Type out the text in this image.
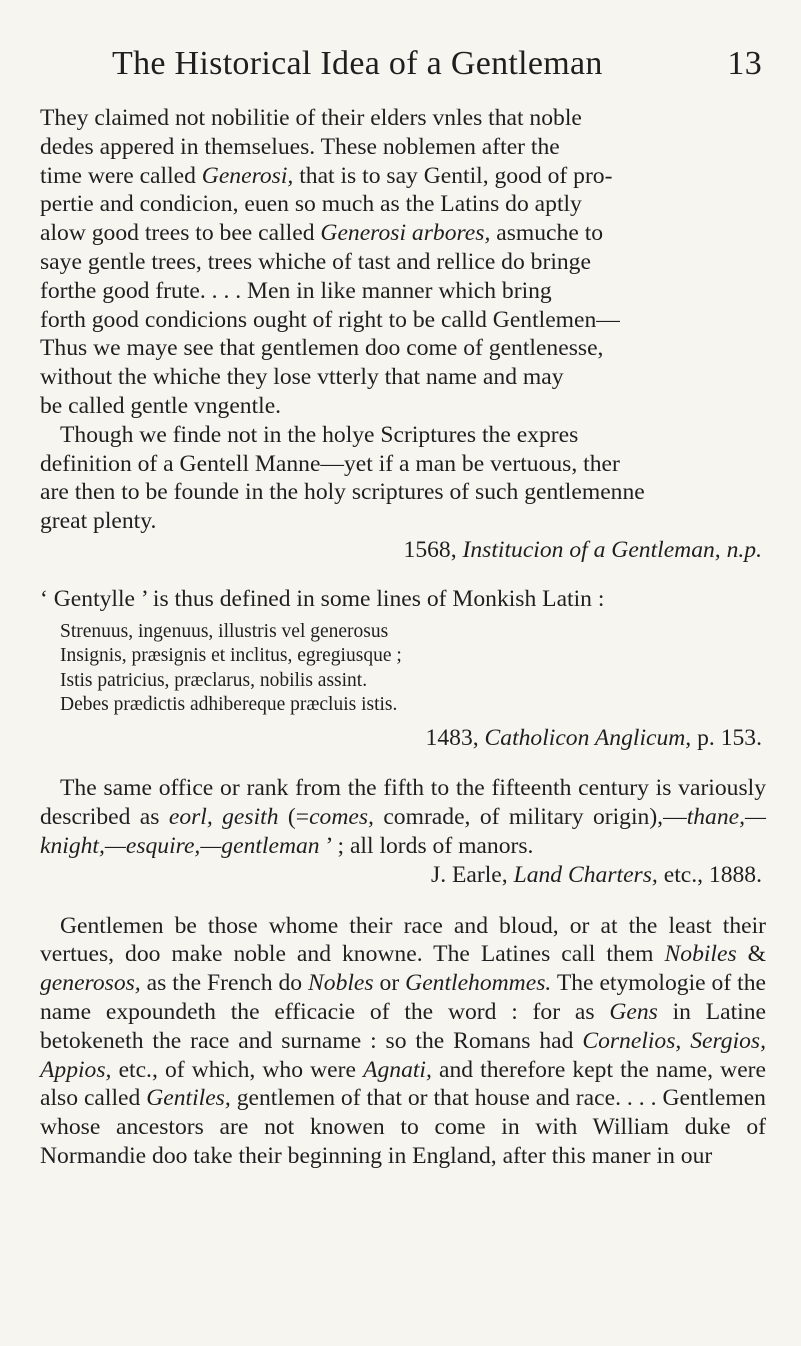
The Historical Idea of a Gentleman	13
They claimed not nobilitie of their elders vnles that noble
dedes appered in themselues. These noblemen after the
time were called Generosi, that is to say Gentil, good of pro-
pertie and condicion, euen so much as the Latins do aptly
alow good trees to bee called Generosi arbores, asmuche to
saye gentle trees, trees whiche of tast and rellice do bringe
forthe good frute. . . . Men in like manner which bring
forth good condicions ought of right to be calld Gentlemen—
Thus we maye see that gentlemen doo come of gentlenesse,
without the whiche they lose vtterly that name and may
be called gentle vngentle.
Though we finde not in the holye Scriptures the expres
definition of a Gentell Manne—yet if a man be vertuous, ther
are then to be founde in the holy scriptures of such gentlemenne
great plenty.
1568, Institucion of a Gentleman, n.p.

‘ Gentylle ’ is thus defined in some lines of Monkish Latin :

Strenuus, ingenuus, illustris vel generosus
Insignis, præsignis et inclitus, egregiusque ;
Istis patricius, præclarus, nobilis assint.
Debes prædictis adhibereque præcluis istis.
1483, Catholicon Anglicum, p. 153.

The same office or rank from the fifth to the fifteenth century is variously described as eorl, gesith (=comes, comrade, of military origin),—thane,—knight,—esquire,—gentleman ’ ; all lords of manors.

J. Earle, Land Charters, etc., 1888.

Gentlemen be those whome their race and bloud, or at the least their vertues, doo make noble and knowne. The Latines call them Nobiles & generosos, as the French do Nobles or Gentlehommes. The etymologie of the name expoundeth the efficacie of the word : for as Gens in Latine betokeneth the race and surname : so the Romans had Cornelios, Sergios, Appios, etc., of which, who were Agnati, and therefore kept the name, were also called Gentiles, gentlemen of that or that house and race. . . . Gentlemen whose ancestors are not knowen to come in with William duke of Normandie doo take their beginning in England, after this maner in our
